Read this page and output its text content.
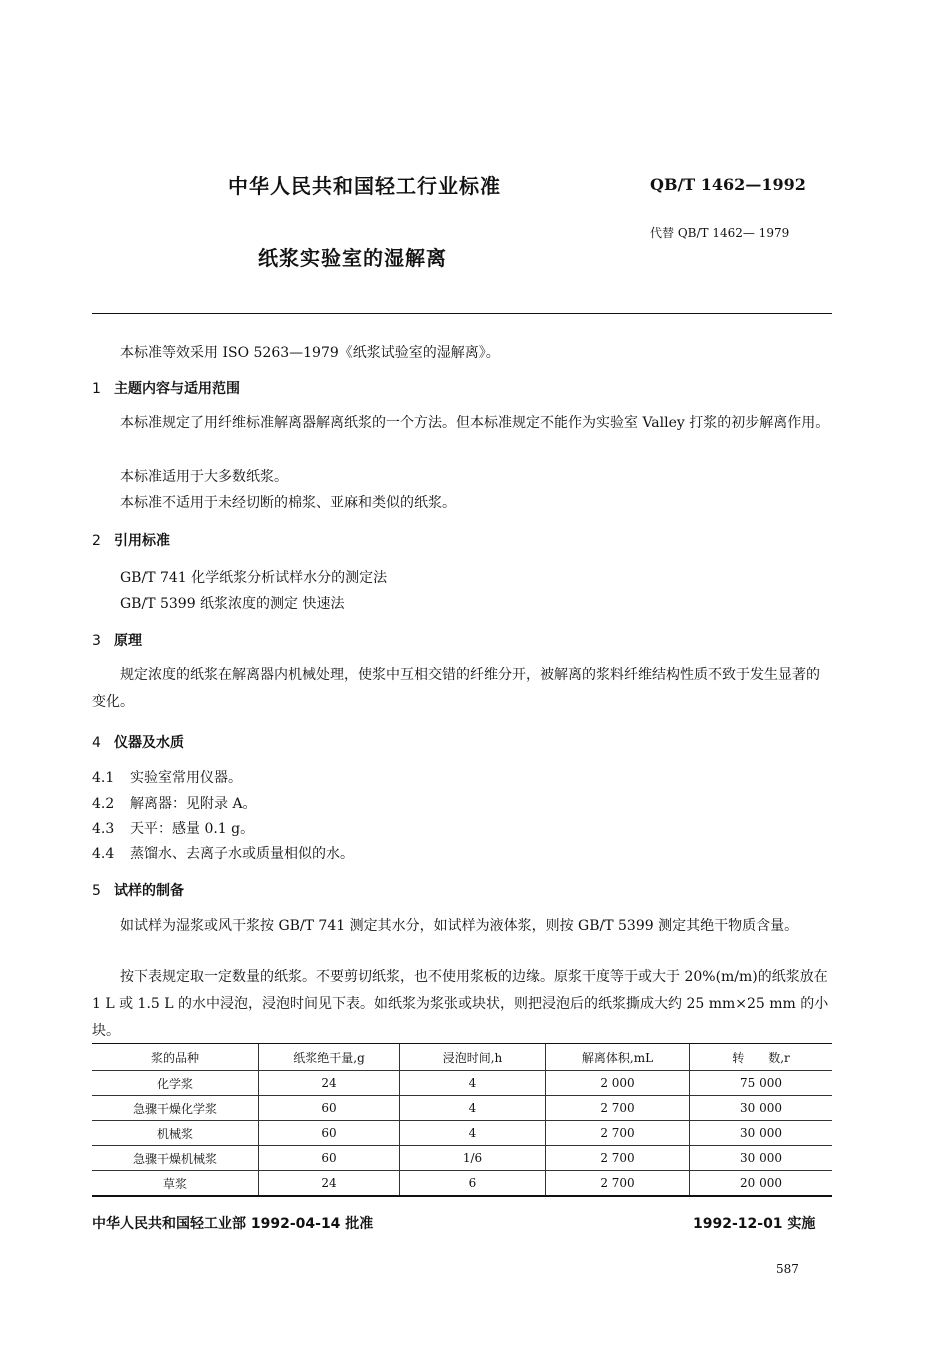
中华人民共和国轻工行业标准	QB/T 1462—1992
代替 QB/T 1462— 1979
纸浆实验室的湿解离
本标准等效采用 ISO 5263—1979《纸浆试验室的湿解离》。
1 主题内容与适用范围
本标准规定了用纤维标准解离器解离纸浆的一个方法。但本标准规定不能作为实验室 Valley 打浆的初步解离作用。
本标准适用于大多数纸浆。
本标准不适用于未经切断的棉浆、亚麻和类似的纸浆。
2 引用标准
GB/T 741 化学纸浆分析试样水分的测定法
GB/T 5399 纸浆浓度的测定 快速法
3 原理
规定浓度的纸浆在解离器内机械处理，使浆中互相交错的纤维分开，被解离的浆料纤维结构性质不致于发生显著的变化。
4 仪器及水质
4.1 实验室常用仪器。
4.2 解离器：见附录 A。
4.3 天平：感量 0.1 g。
4.4 蒸馏水、去离子水或质量相似的水。
5 试样的制备
如试样为湿浆或风干浆按 GB/T 741 测定其水分，如试样为液体浆，则按 GB/T 5399 测定其绝干物质含量。
按下表规定取一定数量的纸浆。不要剪切纸浆，也不使用浆板的边缘。原浆干度等于或大于 20%(m/m)的纸浆放在 1 L 或 1.5 L 的水中浸泡，浸泡时间见下表。如纸浆为浆张或块状，则把浸泡后的纸浆撕成大约 25 mm×25 mm 的小块。
浆的品种	纸浆绝干量,g	浸泡时间,h	解离体积,mL	转　　数,r
化学浆	24	4	2 000	75 000
急骤干燥化学浆	60	4	2 700	30 000
机械浆	60	4	2 700	30 000
急骤干燥机械浆	60	1/6	2 700	30 000
草浆	24	6	2 700	20 000
中华人民共和国轻工业部 1992-04-14 批准	1992-12-01 实施
587
